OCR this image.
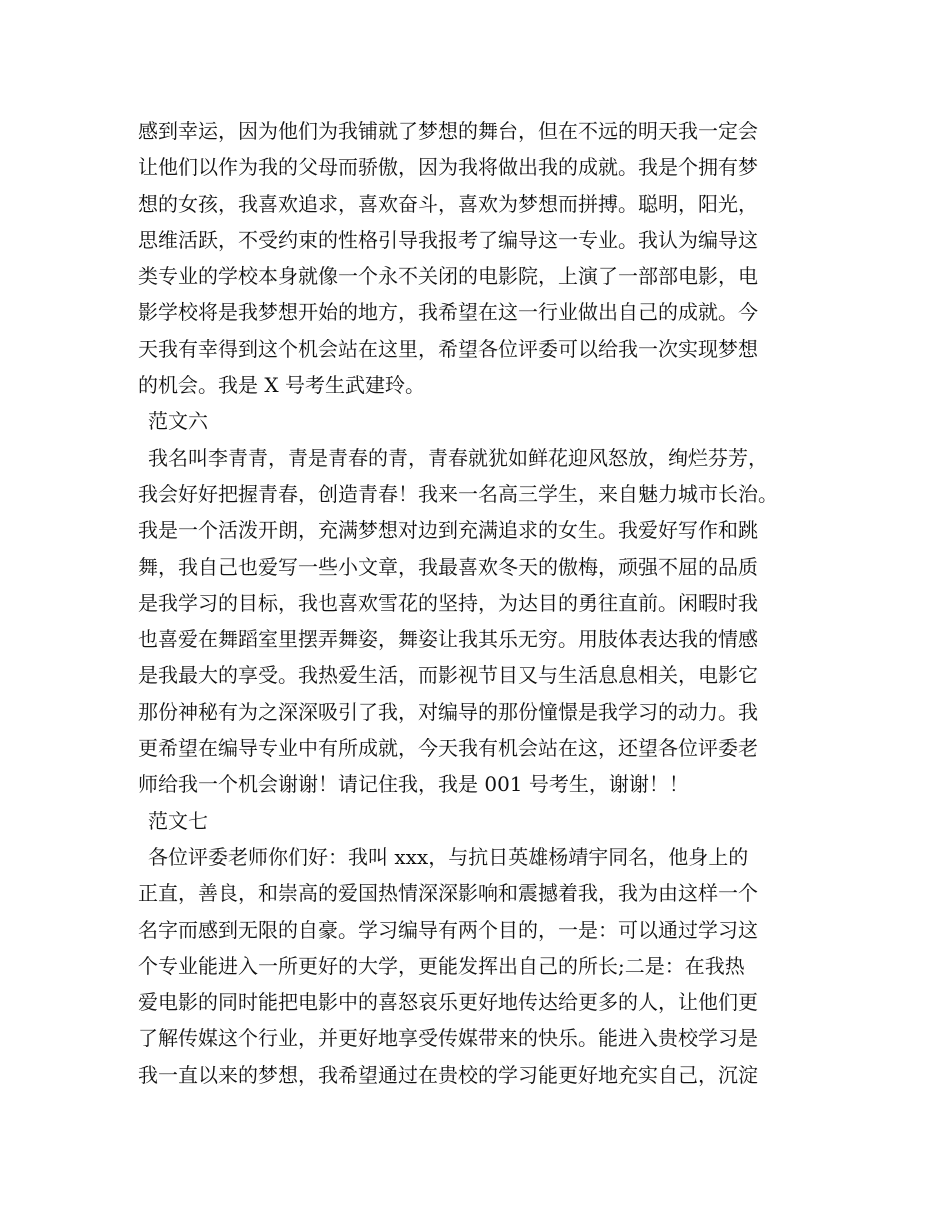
感到幸运，因为他们为我铺就了梦想的舞台，但在不远的明天我一定会
让他们以作为我的父母而骄傲，因为我将做出我的成就。我是个拥有梦
想的女孩，我喜欢追求，喜欢奋斗，喜欢为梦想而拼搏。聪明，阳光，
思维活跃，不受约束的性格引导我报考了编导这一专业。我认为编导这
类专业的学校本身就像一个永不关闭的电影院，上演了一部部电影，电
影学校将是我梦想开始的地方，我希望在这一行业做出自己的成就。今
天我有幸得到这个机会站在这里，希望各位评委可以给我一次实现梦想
的机会。我是 X 号考生武建玲。
范文六
我名叫李青青，青是青春的青，青春就犹如鲜花迎风怒放，绚烂芬芳，
我会好好把握青春，创造青春！我来一名高三学生，来自魅力城市长治。
我是一个活泼开朗，充满梦想对边到充满追求的女生。我爱好写作和跳
舞，我自己也爱写一些小文章，我最喜欢冬天的傲梅，顽强不屈的品质
是我学习的目标，我也喜欢雪花的坚持，为达目的勇往直前。闲暇时我
也喜爱在舞蹈室里摆弄舞姿，舞姿让我其乐无穷。用肢体表达我的情感
是我最大的享受。我热爱生活，而影视节目又与生活息息相关，电影它
那份神秘有为之深深吸引了我，对编导的那份憧憬是我学习的动力。我
更希望在编导专业中有所成就，今天我有机会站在这，还望各位评委老
师给我一个机会谢谢！请记住我，我是 001 号考生，谢谢！！
范文七
各位评委老师你们好：我叫 xxx，与抗日英雄杨靖宇同名，他身上的
正直，善良，和崇高的爱国热情深深影响和震撼着我，我为由这样一个
名字而感到无限的自豪。学习编导有两个目的，一是：可以通过学习这
个专业能进入一所更好的大学，更能发挥出自己的所长;二是：在我热
爱电影的同时能把电影中的喜怒哀乐更好地传达给更多的人，让他们更
了解传媒这个行业，并更好地享受传媒带来的快乐。能进入贵校学习是
我一直以来的梦想，我希望通过在贵校的学习能更好地充实自己，沉淀
